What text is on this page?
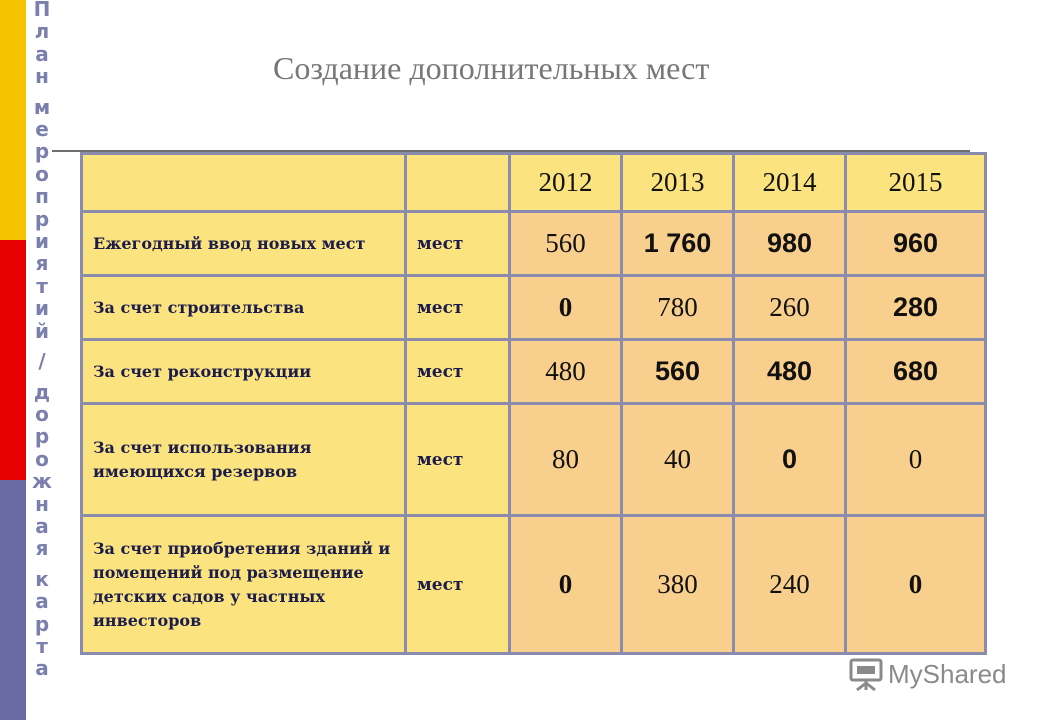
П
л
а
н

м
е
р
о
п
р
и
я
т
и
й

/

д
о
р
о
ж
н
а
я

к
а
р
т
а
Создание дополнительных мест
		2012	2013	2014	2015
Ежегодный ввод новых мест	мест	560	1 760	980	960
За счет строительства	мест	0	780	260	280
За счет реконструкции	мест	480	560	480	680
За счет использования имеющихся резервов	мест	80	40	0	0
За счет приобретения зданий и помещений под размещение детских садов у частных инвесторов	мест	0	380	240	0
MyShared
